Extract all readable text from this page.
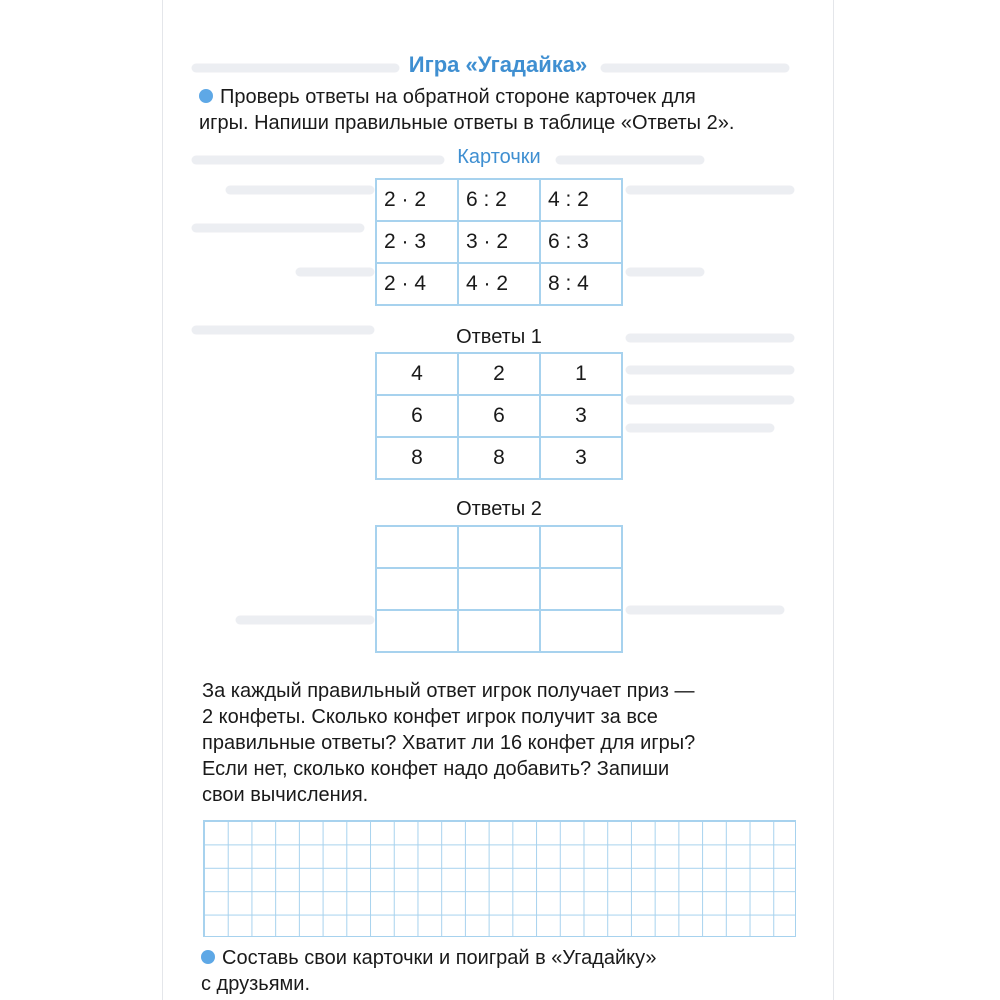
Игра «Угадайка»
Проверь ответы на обратной стороне карточек для
игры. Напиши правильные ответы в таблице «Ответы 2».
Карточки
2 · 2	6 : 2	4 : 2
2 · 3	3 · 2	6 : 3
2 · 4	4 · 2	8 : 4
Ответы 1
4	2	1
6	6	3
8	8	3
Ответы 2

За каждый правильный ответ игрок получает приз —
2 конфеты. Сколько конфет игрок получит за все
правильные ответы? Хватит ли 16 конфет для игры?
Если нет, сколько конфет надо добавить? Запиши
свои вычисления.
Составь свои карточки и поиграй в «Угадайку»
с друзьями.
